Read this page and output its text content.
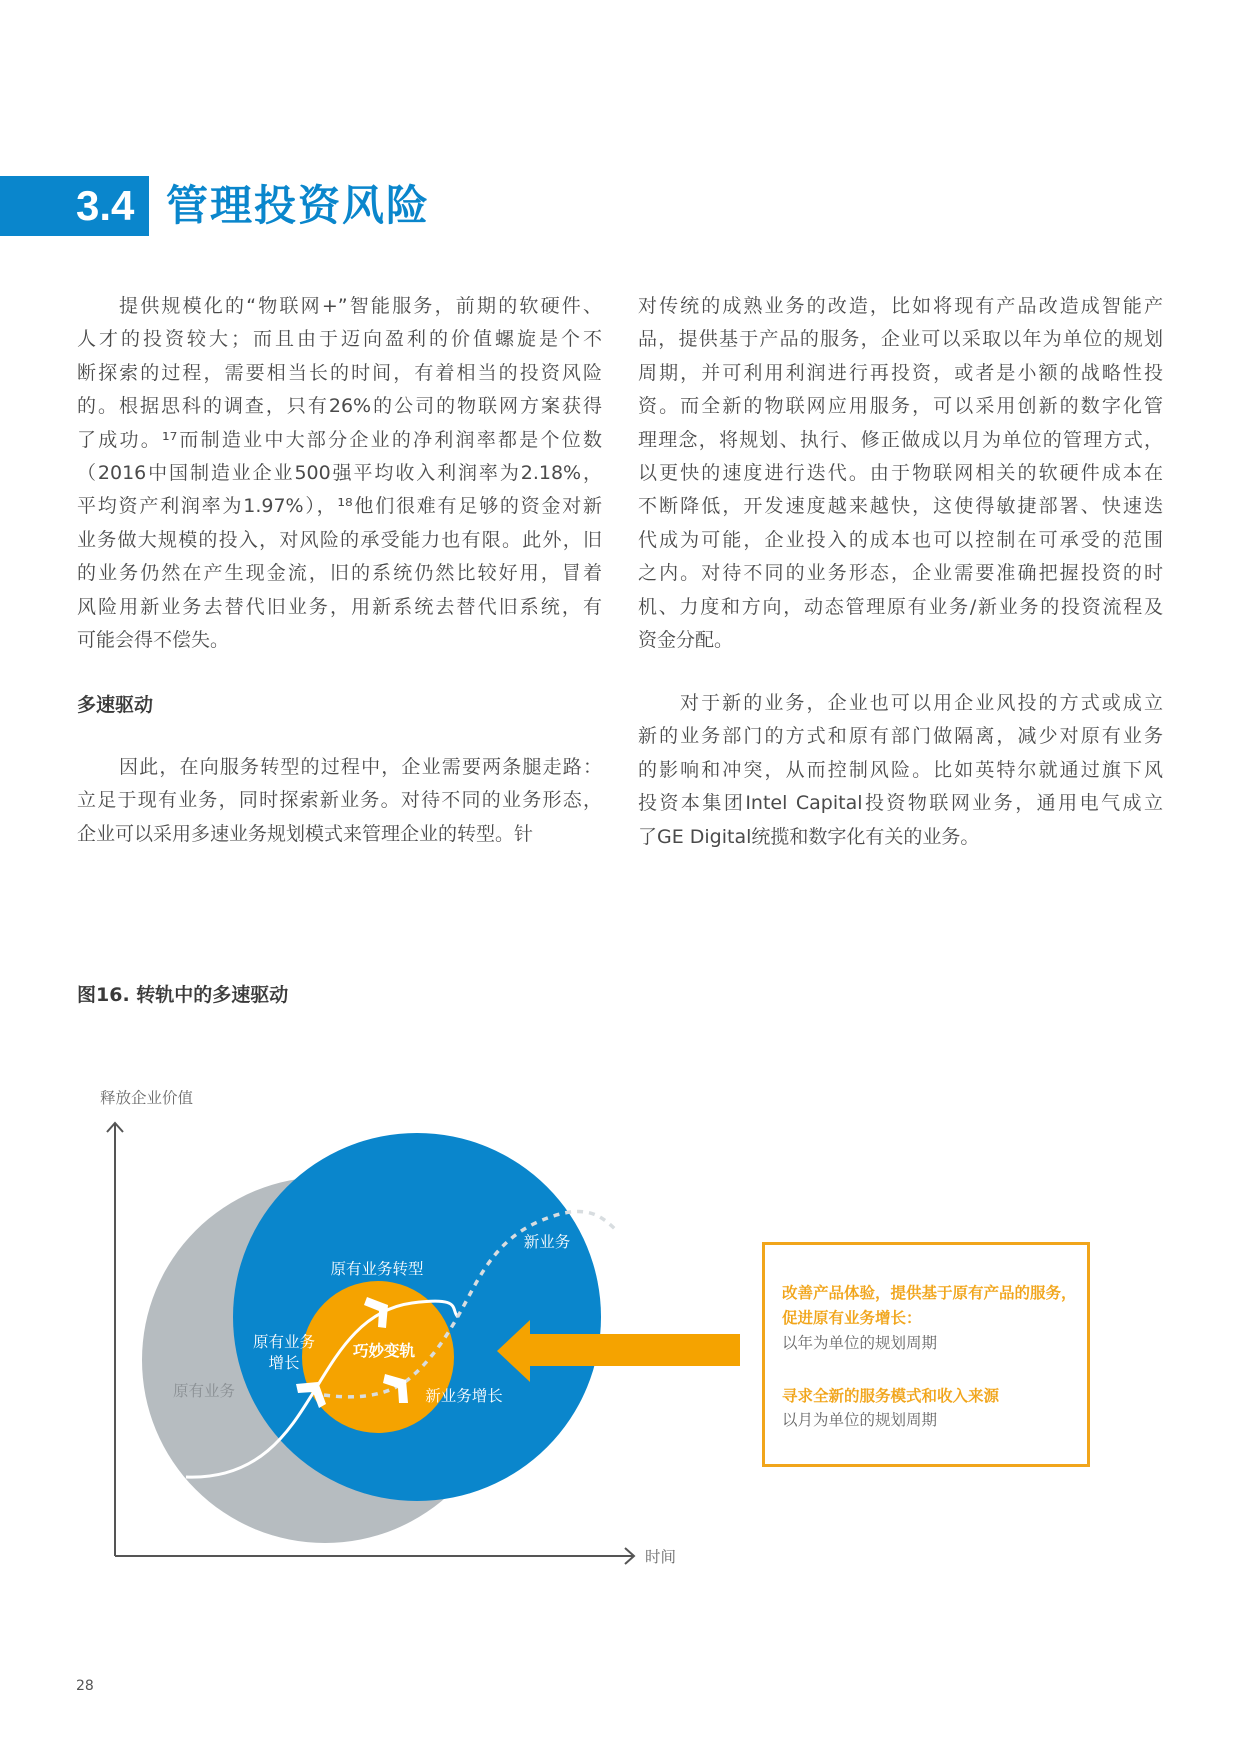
3.4 管理投资风险
提供规模化的“物联网+”智能服务，前期的软硬件、
人才的投资较大；而且由于迈向盈利的价值螺旋是个不
断探索的过程，需要相当长的时间，有着相当的投资风险
的。根据思科的调查，只有26%的公司的物联网方案获得
了成功。¹⁷而制造业中大部分企业的净利润率都是个位数
（2016中国制造业企业500强平均收入利润率为2.18%，
平均资产利润率为1.97%），¹⁸他们很难有足够的资金对新
业务做大规模的投入，对风险的承受能力也有限。此外，旧
的业务仍然在产生现金流，旧的系统仍然比较好用，冒着
风险用新业务去替代旧业务，用新系统去替代旧系统，有
可能会得不偿失。
多速驱动
因此，在向服务转型的过程中，企业需要两条腿走路：
立足于现有业务，同时探索新业务。对待不同的业务形态，
企业可以采用多速业务规划模式来管理企业的转型。针
对传统的成熟业务的改造，比如将现有产品改造成智能产
品，提供基于产品的服务，企业可以采取以年为单位的规划
周期，并可利用利润进行再投资，或者是小额的战略性投
资。而全新的物联网应用服务，可以采用创新的数字化管
理理念，将规划、执行、修正做成以月为单位的管理方式，
以更快的速度进行迭代。由于物联网相关的软硬件成本在
不断降低，开发速度越来越快，这使得敏捷部署、快速迭
代成为可能，企业投入的成本也可以控制在可承受的范围
之内。对待不同的业务形态，企业需要准确把握投资的时
机、力度和方向，动态管理原有业务/新业务的投资流程及
资金分配。
对于新的业务，企业也可以用企业风投的方式或成立
新的业务部门的方式和原有部门做隔离，减少对原有业务
的影响和冲突，从而控制风险。比如英特尔就通过旗下风
投资本集团Intel Capital投资物联网业务，通用电气成立
了GE Digital统揽和数字化有关的业务。
图16. 转轨中的多速驱动
释放企业价值
时间
原有业务
原有业务
增长
原有业务转型
巧妙变轨
新业务
新业务增长
改善产品体验，提供基于原有产品的服务，
促进原有业务增长：
以年为单位的规划周期
寻求全新的服务模式和收入来源
以月为单位的规划周期
28
